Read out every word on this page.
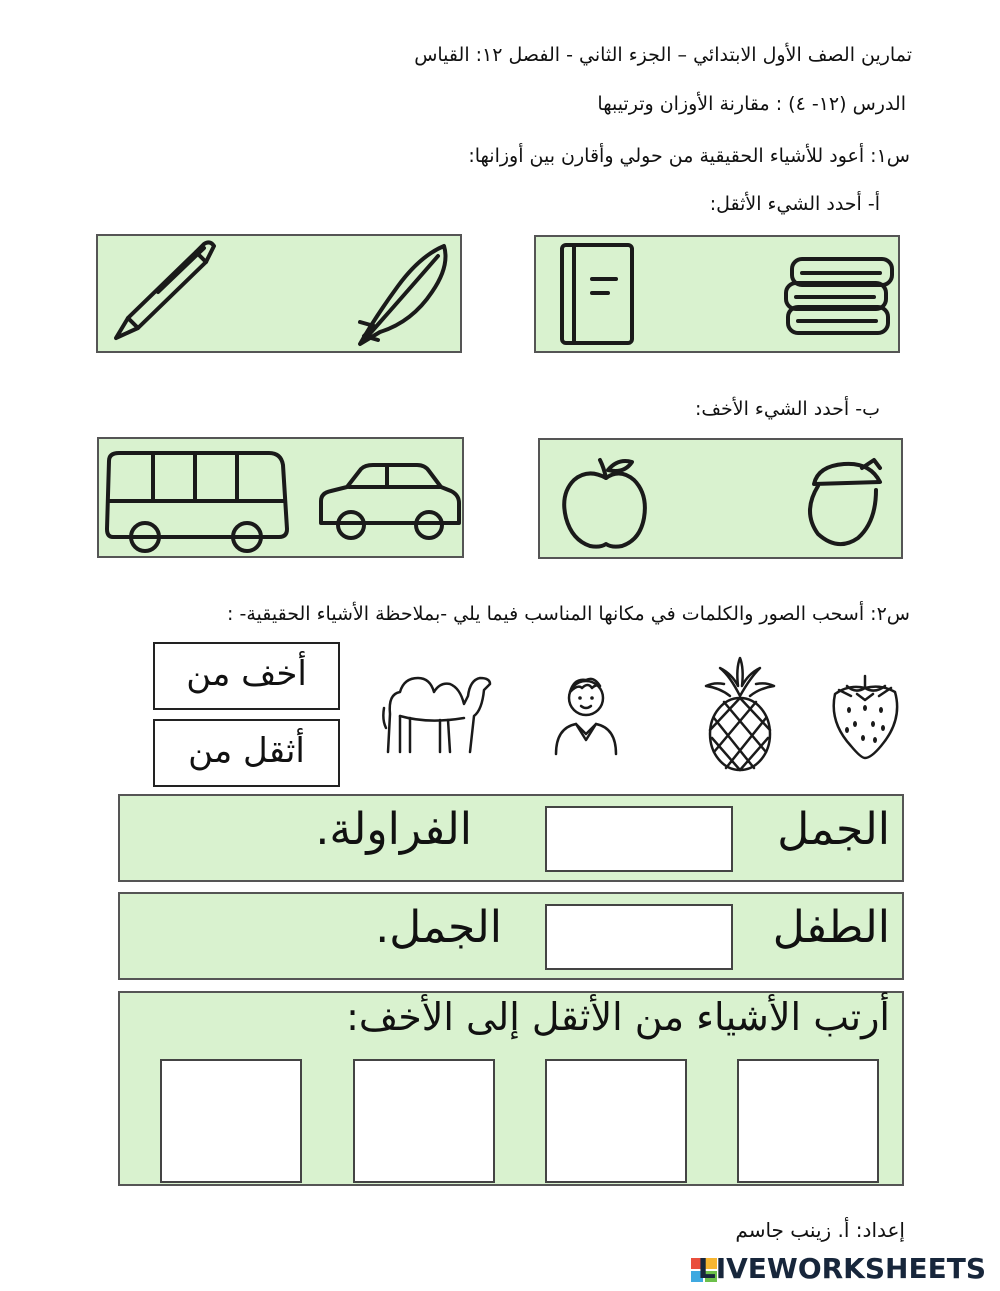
تمارين الصف الأول الابتدائي – الجزء الثاني - الفصل ١٢: القياس
الدرس (١٢- ٤) : مقارنة الأوزان وترتيبها
س١: أعود للأشياء الحقيقية من حولي وأقارن بين أوزانها:
أ- أحدد الشيء الأثقل:
ب- أحدد الشيء الأخف:
س٢: أسحب الصور والكلمات في مكانها المناسب فيما يلي -بملاحظة الأشياء الحقيقية- :
أخف من
أثقل من
الجمل
الفراولة.
الطفل
الجمل.
أرتب الأشياء من الأثقل إلى الأخف:
إعداد: أ. زينب جاسم
LIVEWORKSHEETS
